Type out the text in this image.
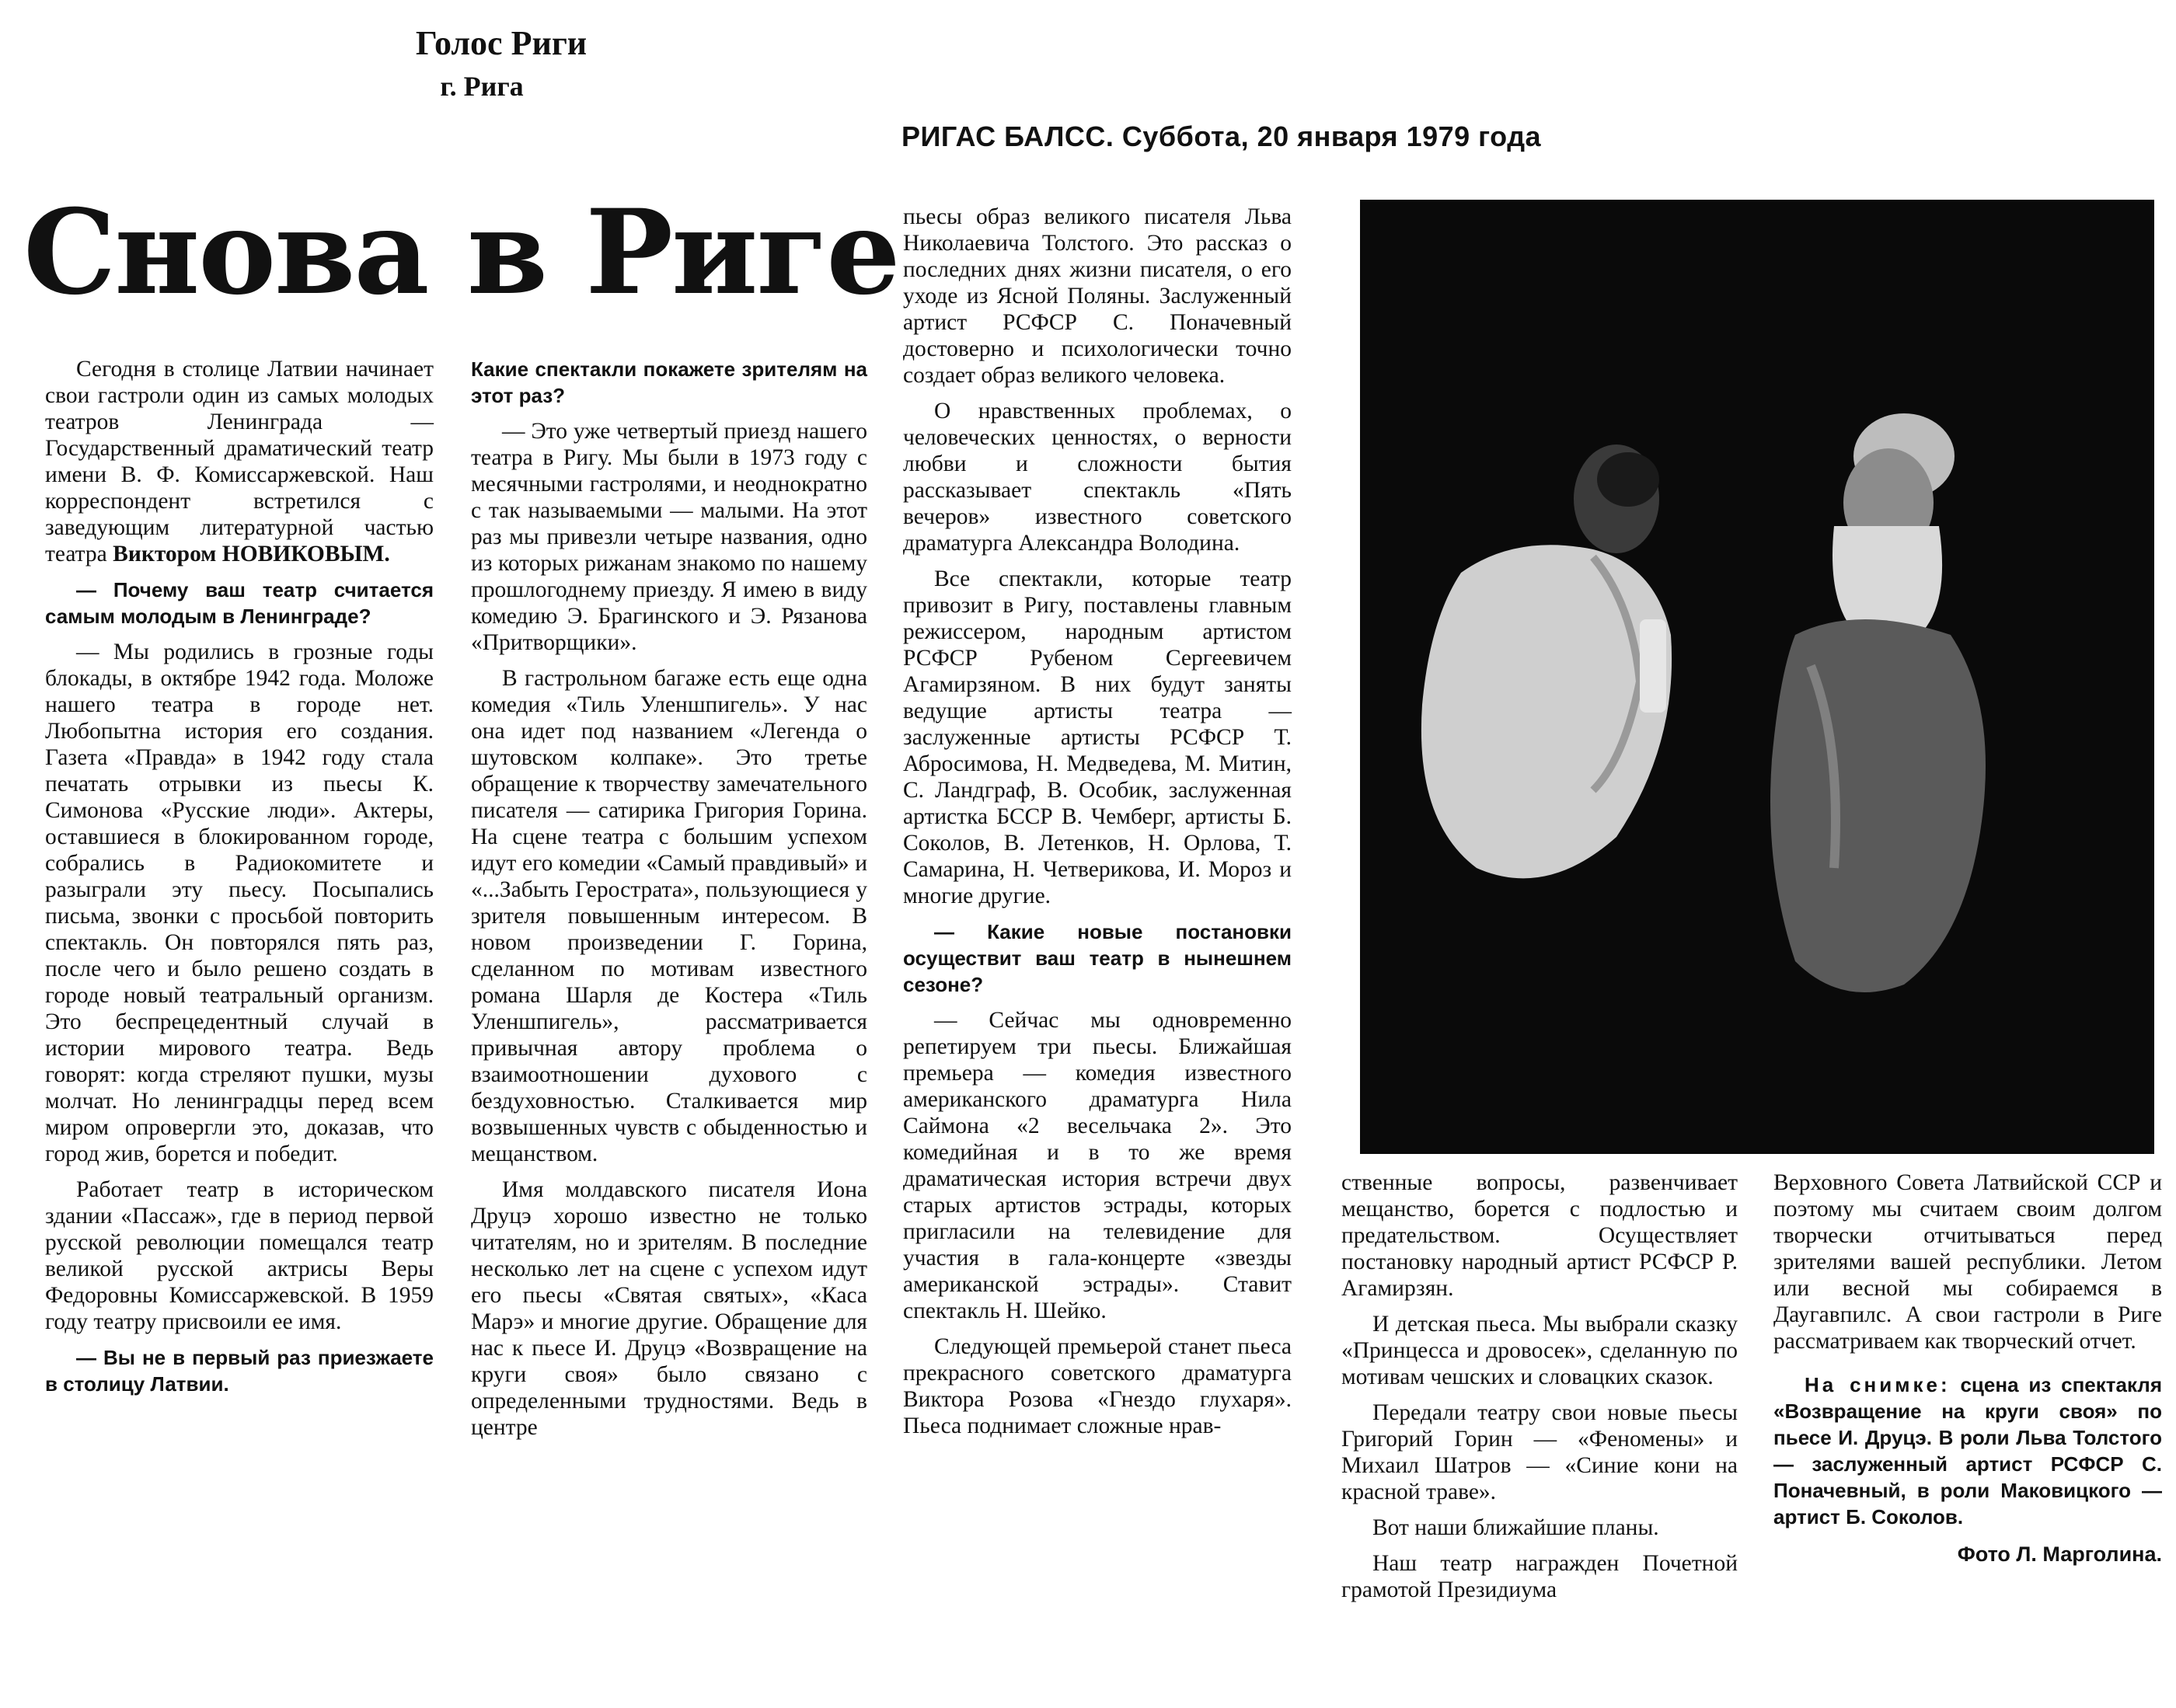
Голос Риги
г. Рига
РИГАС БАЛСС. Суббота, 20 января 1979 года
Снова в Риге

Сегодня в столице Латвии начинает свои гастроли один из самых молодых театров Ленинграда — Государственный драматический театр имени В. Ф. Комиссаржевской. Наш корреспондент встретился с заведующим литературной частью театра Виктором НОВИКОВЫМ.

— Почему ваш театр считается самым молодым в Ленинграде?

— Мы родились в грозные годы блокады, в октябре 1942 года. Моложе нашего театра в городе нет. Любопытна история его создания. Газета «Правда» в 1942 году стала печатать отрывки из пьесы К. Симонова «Русские люди». Актеры, оставшиеся в блокированном городе, собрались в Радиокомитете и разыграли эту пьесу. Посыпались письма, звонки с просьбой повторить спектакль. Он повторялся пять раз, после чего и было решено создать в городе новый театральный организм. Это беспрецедентный случай в истории мирового театра. Ведь говорят: когда стреляют пушки, музы молчат. Но ленинградцы перед всем миром опровергли это, доказав, что город жив, борется и победит.

Работает театр в историческом здании «Пассаж», где в период первой русской революции помещался театр великой русской актрисы Веры Федоровны Комиссаржевской. В 1959 году театру присвоили ее имя.

— Вы не в первый раз приезжаете в столицу Латвии.

Какие спектакли покажете зрителям на этот раз?

— Это уже четвертый приезд нашего театра в Ригу. Мы были в 1973 году с месячными гастролями, и неоднократно с так называемыми — малыми. На этот раз мы привезли четыре названия, одно из которых рижанам знакомо по нашему прошлогоднему приезду. Я имею в виду комедию Э. Брагинского и Э. Рязанова «Притворщики».

В гастрольном багаже есть еще одна комедия «Тиль Уленшпигель». У нас она идет под названием «Легенда о шутовском колпаке». Это третье обращение к творчеству замечательного писателя — сатирика Григория Горина. На сцене театра с большим успехом идут его комедии «Самый правдивый» и «...Забыть Герострата», пользующиеся у зрителя повышенным интересом. В новом произведении Г. Горина, сделанном по мотивам известного романа Шарля де Костера «Тиль Уленшпигель», рассматривается привычная автору проблема о взаимоотношении духового с бездуховностью. Сталкивается мир возвышенных чувств с обыденностью и мещанством.

Имя молдавского писателя Иона Друцэ хорошо известно не только читателям, но и зрителям. В последние несколько лет на сцене с успехом идут его пьесы «Святая святых», «Каса Марэ» и многие другие. Обращение для нас к пьесе И. Друцэ «Возвращение на круги своя» было связано с определенными трудностями. Ведь в центре

пьесы образ великого писателя Льва Николаевича Толстого. Это рассказ о последних днях жизни писателя, о его уходе из Ясной Поляны. Заслуженный артист РСФСР С. Поначевный достоверно и психологически точно создает образ великого человека.

О нравственных проблемах, о человеческих ценностях, о верности любви и сложности бытия рассказывает спектакль «Пять вечеров» известного советского драматурга Александра Володина.

Все спектакли, которые театр привозит в Ригу, поставлены главным режиссером, народным артистом РСФСР Рубеном Сергеевичем Агамирзяном. В них будут заняты ведущие артисты театра — заслуженные артисты РСФСР Т. Абросимова, Н. Медведева, М. Митин, С. Ландграф, В. Особик, заслуженная артистка БССР В. Чемберг, артисты Б. Соколов, В. Летенков, Н. Орлова, Т. Самарина, Н. Четверикова, И. Мороз и многие другие.

— Какие новые постановки осуществит ваш театр в нынешнем сезоне?

— Сейчас мы одновременно репетируем три пьесы. Ближайшая премьера — комедия известного американского драматурга Нила Саймона «2 весельчака 2». Это комедийная и в то же время драматическая история встречи двух старых артистов эстрады, которых пригласили на телевидение для участия в гала-концерте «звезды американской эстрады». Ставит спектакль Н. Шейко.

Следующей премьерой станет пьеса прекрасного советского драматурга Виктора Розова «Гнездо глухаря». Пьеса поднимает сложные нрав-

ственные вопросы, развенчивает мещанство, борется с подлостью и предательством. Осуществляет постановку народный артист РСФСР Р. Агамирзян.

И детская пьеса. Мы выбрали сказку «Принцесса и дровосек», сделанную по мотивам чешских и словацких сказок.

Передали театру свои новые пьесы Григорий Горин — «Феномены» и Михаил Шатров — «Синие кони на красной траве».

Вот наши ближайшие планы.

Наш театр награжден Почетной грамотой Президиума

Верховного Совета Латвийской ССР и поэтому мы считаем своим долгом творчески отчитываться перед зрителями вашей республики. Летом или весной мы собираемся в Даугавпилс. А свои гастроли в Риге рассматриваем как творческий отчет.

На снимке: сцена из спектакля «Возвращение на круги своя» по пьесе И. Друцэ. В роли Льва Толстого — заслуженный артист РСФСР С. Поначевный, в роли Маковицкого — артист Б. Соколов.

Фото Л. Марголина.
